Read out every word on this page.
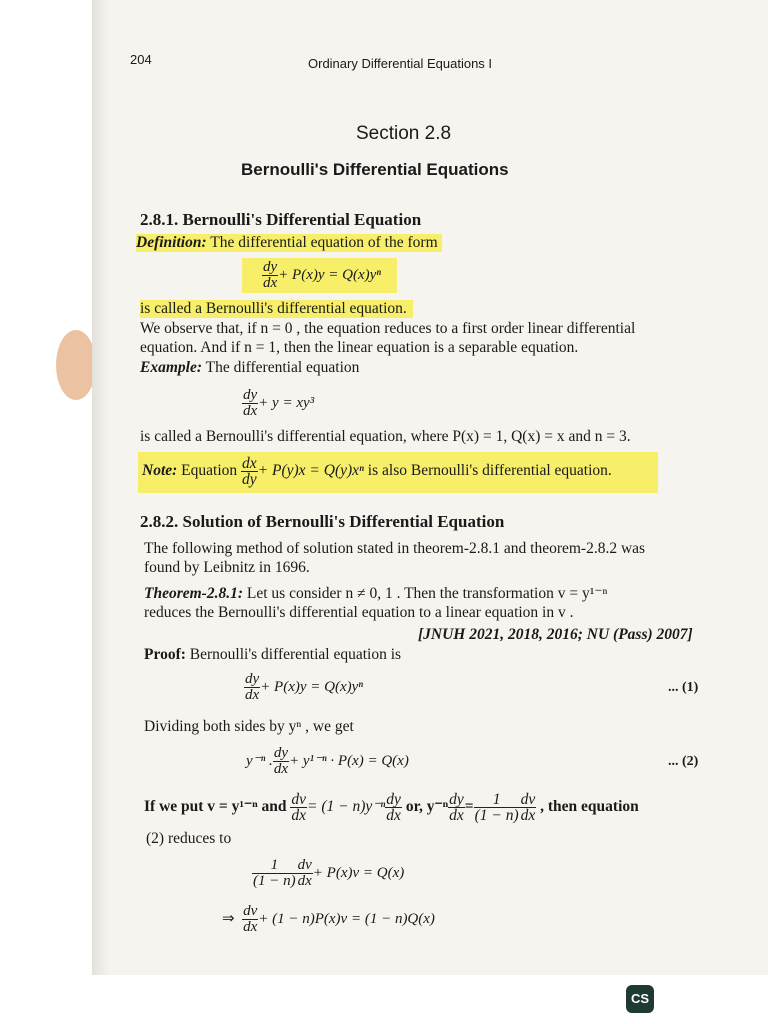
204	Ordinary Differential Equations I
Section 2.8
Bernoulli's Differential Equations
2.8.1. Bernoulli's Differential Equation
Definition: The differential equation of the form
$\frac{dy}{dx} + P(x)y = Q(x)y^n$
is called a Bernoulli's differential equation.
We observe that, if n = 0 , the equation reduces to a first order linear differential
equation. And if n = 1, then the linear equation is a separable equation.
Example: The differential equation
$\frac{dy}{dx} + y = xy^3$
is called a Bernoulli's differential equation, where P(x) = 1, Q(x) = x and n = 3.
Note: Equation $\frac{dx}{dy} + P(y)x = Q(y)x^n$ is also Bernoulli's differential equation.
2.8.2. Solution of Bernoulli's Differential Equation
The following method of solution stated in theorem-2.8.1 and theorem-2.8.2 was
found by Leibnitz in 1696.
Theorem-2.8.1: Let us consider n ≠ 0, 1 . Then the transformation v = y¹⁻ⁿ
reduces the Bernoulli's differential equation to a linear equation in v .
[JNUH 2021, 2018, 2016; NU (Pass) 2007]
Proof: Bernoulli's differential equation is
$\frac{dy}{dx} + P(x)y = Q(x)y^n$	... (1)
Dividing both sides by yⁿ , we get
y⁻ⁿ . $\frac{dy}{dx} + y^{1-n} \cdot P(x) = Q(x)$	... (2)
If we put v = y¹⁻ⁿ and $\frac{dv}{dx} = (1 - n)y^{-n} \frac{dy}{dx}$ or, $y^{-n} \frac{dy}{dx} = \frac{1}{(1 - n)} \frac{dv}{dx}$ , then equation
(2) reduces to
$\frac{1}{(1 - n)} \frac{dv}{dx} + P(x)v = Q(x)$
⇒ $\frac{dv}{dx} + (1 - n)P(x)v = (1 - n)Q(x)$
CS
